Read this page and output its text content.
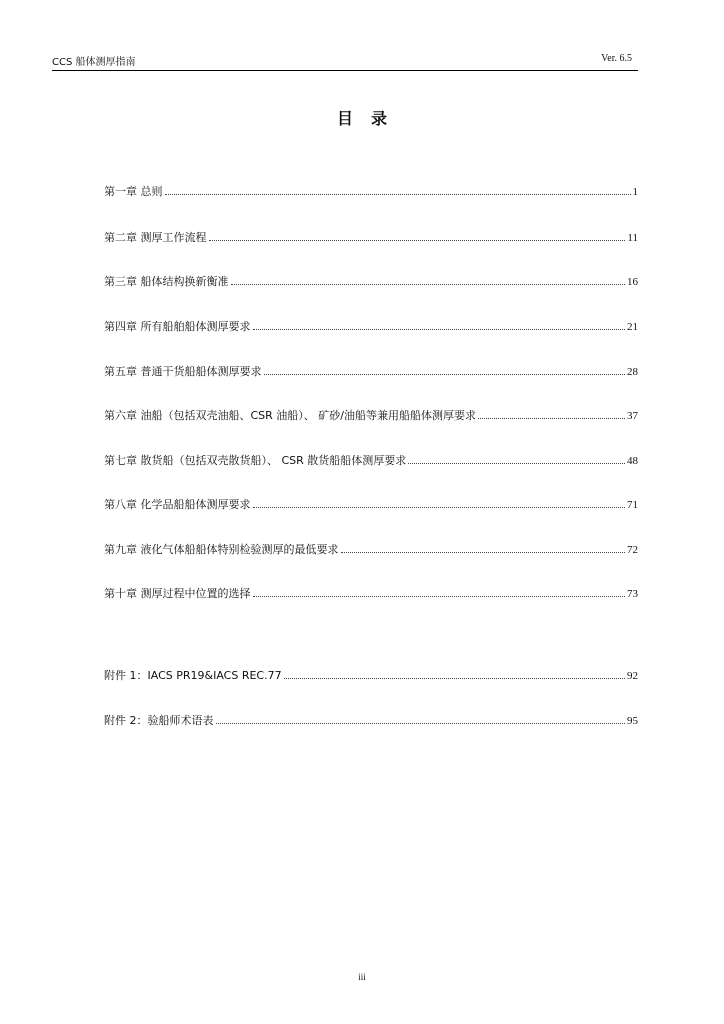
CCS 船体测厚指南	Ver. 6.5
目录
第一章 总则	1
第二章 测厚工作流程	11
第三章 船体结构换新衡准	16
第四章 所有船舶船体测厚要求	21
第五章 普通干货船船体测厚要求	28
第六章 油船（包括双壳油船、CSR 油船）、 矿砂/油船等兼用船船体测厚要求	37
第七章 散货船（包括双壳散货船）、 CSR 散货船船体测厚要求	48
第八章 化学品船船体测厚要求	71
第九章 液化气体船船体特别检验测厚的最低要求	72
第十章 测厚过程中位置的选择	73
附件 1：IACS PR19&IACS REC.77	92
附件 2：验船师术语表	95
iii
